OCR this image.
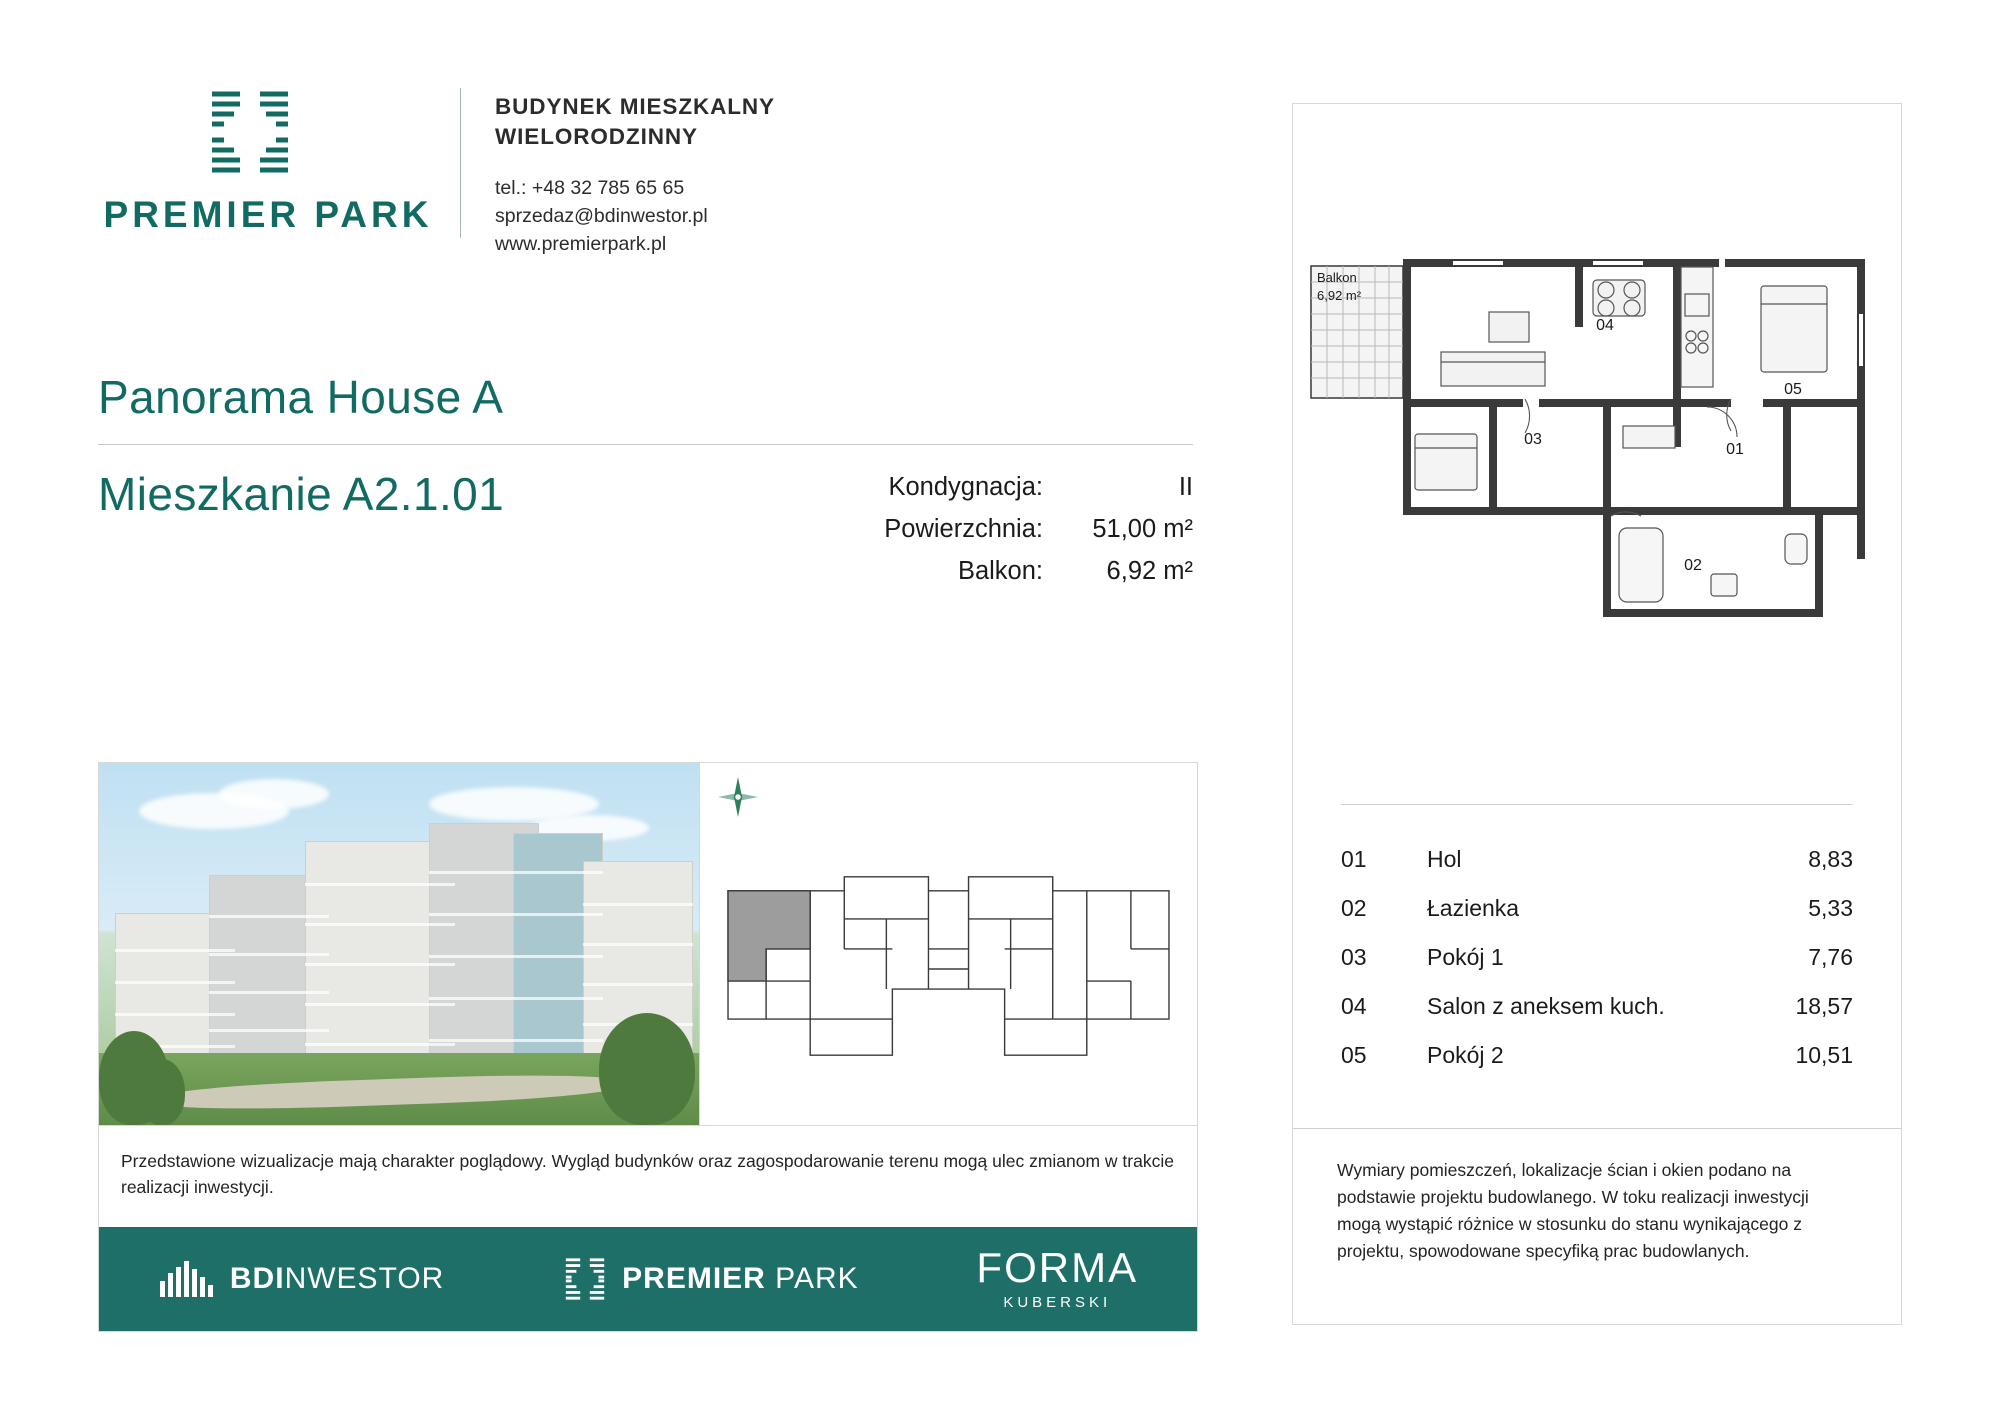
PREMIER PARK
BUDYNEK MIESZKALNY
WIELORODZINNY
tel.: +48 32 785 65 65
sprzedaz@bdinwestor.pl
www.premierpark.pl
Panorama House A
Mieszkanie A2.1.01	Kondygnacja:	II
Powierzchnia:	51,00 m²
Balkon:	6,92 m²
Przedstawione wizualizacje mają charakter poglądowy. Wygląd budynków oraz zagospodarowanie terenu mogą ulec zmianom w trakcie realizacji inwestycji.
BDINWESTOR	PREMIER PARK	FORMA
KUBERSKI
Balkon
6,92 m²
02
03
04
05
01
01	Hol	8,83
02	Łazienka	5,33
03	Pokój 1	7,76
04	Salon z aneksem kuch.	18,57
05	Pokój 2	10,51
Wymiary pomieszczeń, lokalizacje ścian i okien podano na podstawie projektu budowlanego. W toku realizacji inwestycji mogą wystąpić różnice w stosunku do stanu wynikającego z projektu, spowodowane specyfiką prac budowlanych.
